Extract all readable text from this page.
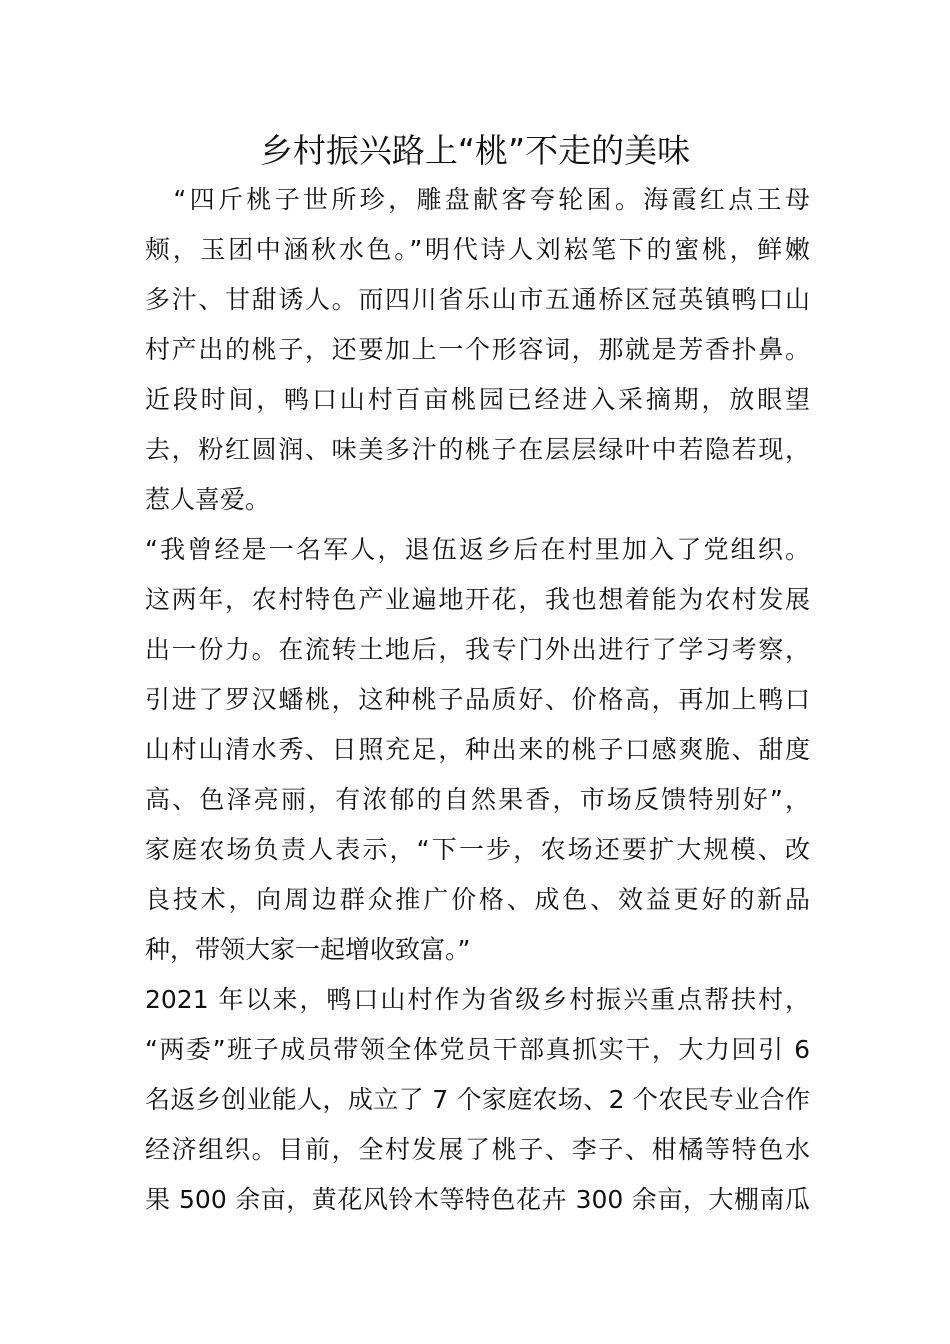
乡村振兴路上“桃”不走的美味
　“四斤桃子世所珍，雕盘献客夸轮囷。海霞红点王母
颊，玉团中涵秋水色。”明代诗人刘崧笔下的蜜桃，鲜嫩
多汁、甘甜诱人。而四川省乐山市五通桥区冠英镇鸭口山
村产出的桃子，还要加上一个形容词，那就是芳香扑鼻。
近段时间，鸭口山村百亩桃园已经进入采摘期，放眼望
去，粉红圆润、味美多汁的桃子在层层绿叶中若隐若现，
惹人喜爱。
“我曾经是一名军人，退伍返乡后在村里加入了党组织。
这两年，农村特色产业遍地开花，我也想着能为农村发展
出一份力。在流转土地后，我专门外出进行了学习考察，
引进了罗汉蟠桃，这种桃子品质好、价格高，再加上鸭口
山村山清水秀、日照充足，种出来的桃子口感爽脆、甜度
高、色泽亮丽，有浓郁的自然果香，市场反馈特别好”，
家庭农场负责人表示，“下一步，农场还要扩大规模、改
良技术，向周边群众推广价格、成色、效益更好的新品
种，带领大家一起增收致富。”
2021 年以来，鸭口山村作为省级乡村振兴重点帮扶村，
“两委”班子成员带领全体党员干部真抓实干，大力回引 6
名返乡创业能人，成立了 7 个家庭农场、2 个农民专业合作
经济组织。目前，全村发展了桃子、李子、柑橘等特色水
果 500 余亩，黄花风铃木等特色花卉 300 余亩，大棚南瓜
